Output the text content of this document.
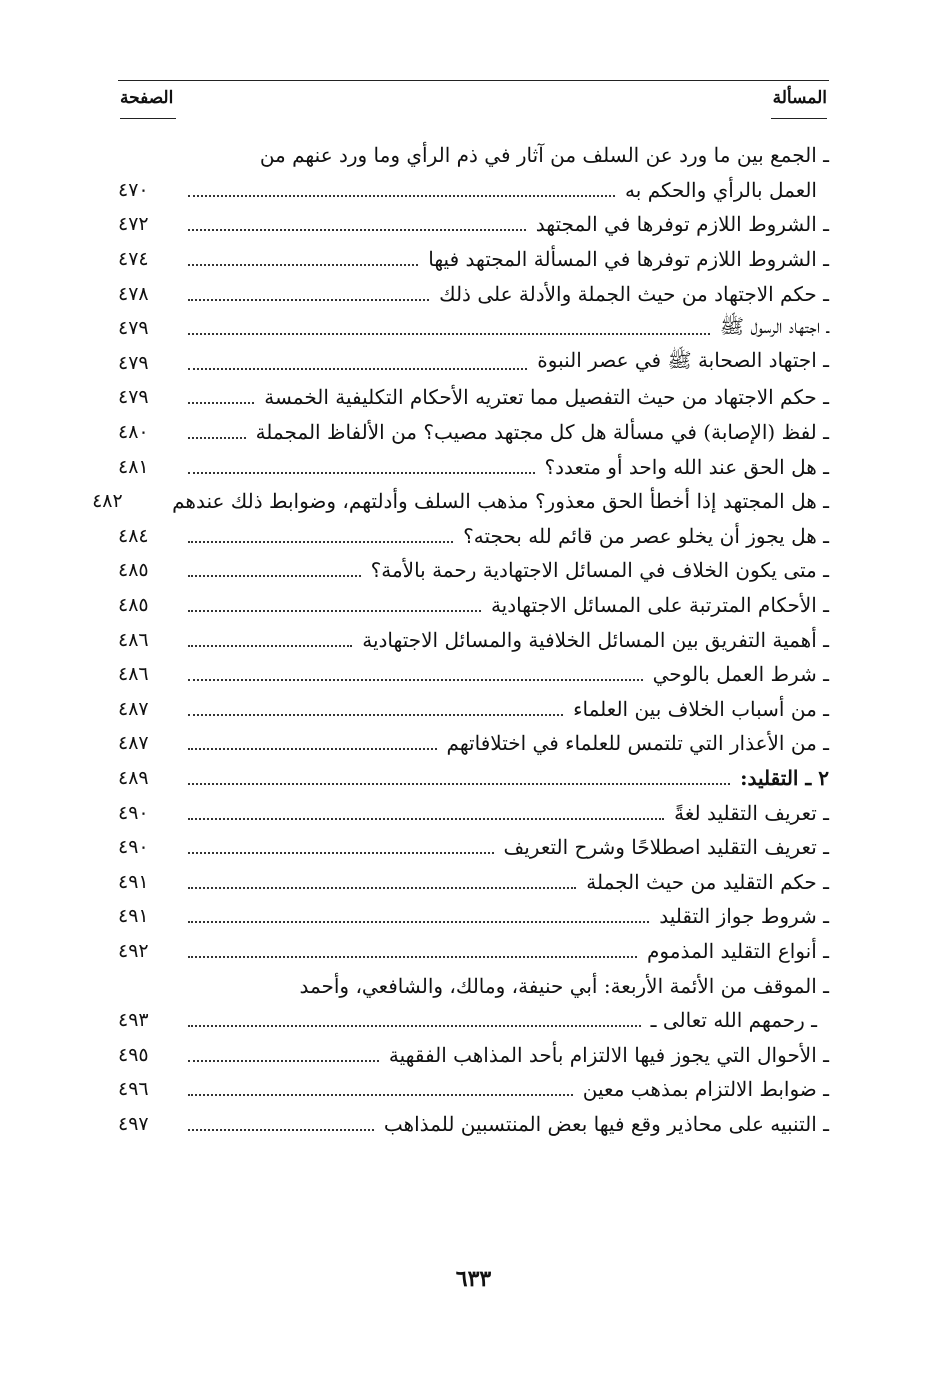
المسألة
الصفحة
ـ الجمع بين ما ورد عن السلف من آثار في ذم الرأي وما ورد عنهم من
العمل بالرأي والحكم به
٤٧٠
ـ الشروط اللازم توفرها في المجتهد
٤٧٢
ـ الشروط اللازم توفرها في المسألة المجتهد فيها
٤٧٤
ـ حكم الاجتهاد من حيث الجملة والأدلة على ذلك
٤٧٨
ـ اجتهاد الرسول ﷺ
٤٧٩
ـ اجتهاد الصحابة ﷺ في عصر النبوة
٤٧٩
ـ حكم الاجتهاد من حيث التفصيل مما تعتريه الأحكام التكليفية الخمسة
٤٧٩
ـ لفظ (الإصابة) في مسألة هل كل مجتهد مصيب؟ من الألفاظ المجملة
٤٨٠
ـ هل الحق عند الله واحد أو متعدد؟
٤٨١
ـ هل المجتهد إذا أخطأ الحق معذور؟ مذهب السلف وأدلتهم، وضوابط ذلك عندهم
٤٨٢
ـ هل يجوز أن يخلو عصر من قائم لله بحجته؟
٤٨٤
ـ متى يكون الخلاف في المسائل الاجتهادية رحمة بالأمة؟
٤٨٥
ـ الأحكام المترتبة على المسائل الاجتهادية
٤٨٥
ـ أهمية التفريق بين المسائل الخلافية والمسائل الاجتهادية
٤٨٦
ـ شرط العمل بالوحي
٤٨٦
ـ من أسباب الخلاف بين العلماء
٤٨٧
ـ من الأعذار التي تلتمس للعلماء في اختلافاتهم
٤٨٧
٢ ـ التقليد:
٤٨٩
ـ تعريف التقليد لغةً
٤٩٠
ـ تعريف التقليد اصطلاحًا وشرح التعريف
٤٩٠
ـ حكم التقليد من حيث الجملة
٤٩١
ـ شروط جواز التقليد
٤٩١
ـ أنواع التقليد المذموم
٤٩٢
ـ الموقف من الأئمة الأربعة: أبي حنيفة، ومالك، والشافعي، وأحمد
ـ رحمهم الله تعالى ـ
٤٩٣
ـ الأحوال التي يجوز فيها الالتزام بأحد المذاهب الفقهية
٤٩٥
ـ ضوابط الالتزام بمذهب معين
٤٩٦
ـ التنبيه على محاذير وقع فيها بعض المنتسبين للمذاهب
٤٩٧
٦٣٣
